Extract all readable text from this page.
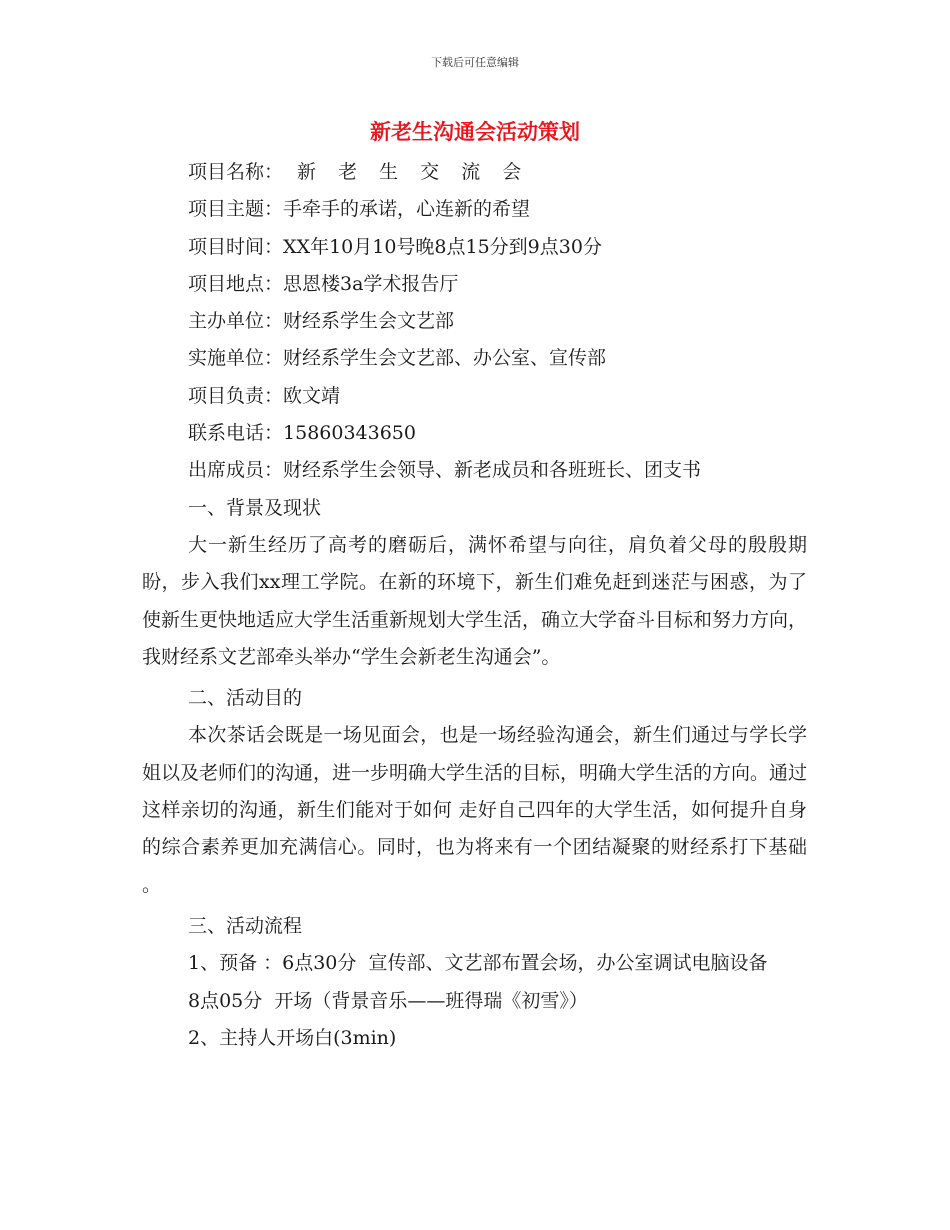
下载后可任意编辑
新老生沟通会活动策划

项目名称： 新 老 生 交 流 会

项目主题：手牵手的承诺，心连新的希望

项目时间：XX年10月10号晚8点15分到9点30分

项目地点：思恩楼3a学术报告厅

主办单位：财经系学生会文艺部

实施单位：财经系学生会文艺部、办公室、宣传部

项目负责：欧文靖

联系电话：15860343650

出席成员：财经系学生会领导、新老成员和各班班长、团支书

一、背景及现状

大一新生经历了高考的磨砺后，满怀希望与向往，肩负着父母的殷殷期盼，步入我们xx理工学院。在新的环境下，新生们难免赶到迷茫与困惑，为了使新生更快地适应大学生活重新规划大学生活，确立大学奋斗目标和努力方向，我财经系文艺部牵头举办“学生会新老生沟通会”。

二、活动目的

本次茶话会既是一场见面会，也是一场经验沟通会，新生们通过与学长学姐以及老师们的沟通，进一步明确大学生活的目标，明确大学生活的方向。通过这样亲切的沟通，新生们能对于如何 走好自己四年的大学生活，如何提升自身的综合素养更加充满信心。同时，也为将来有一个团结凝聚的财经系打下基础 。

三、活动流程

1、预备 ：6点30分  宣传部、文艺部布置会场，办公室调试电脑设备

8点05分  开场（背景音乐——班得瑞《初雪》）

2、主持人开场白(3min)
